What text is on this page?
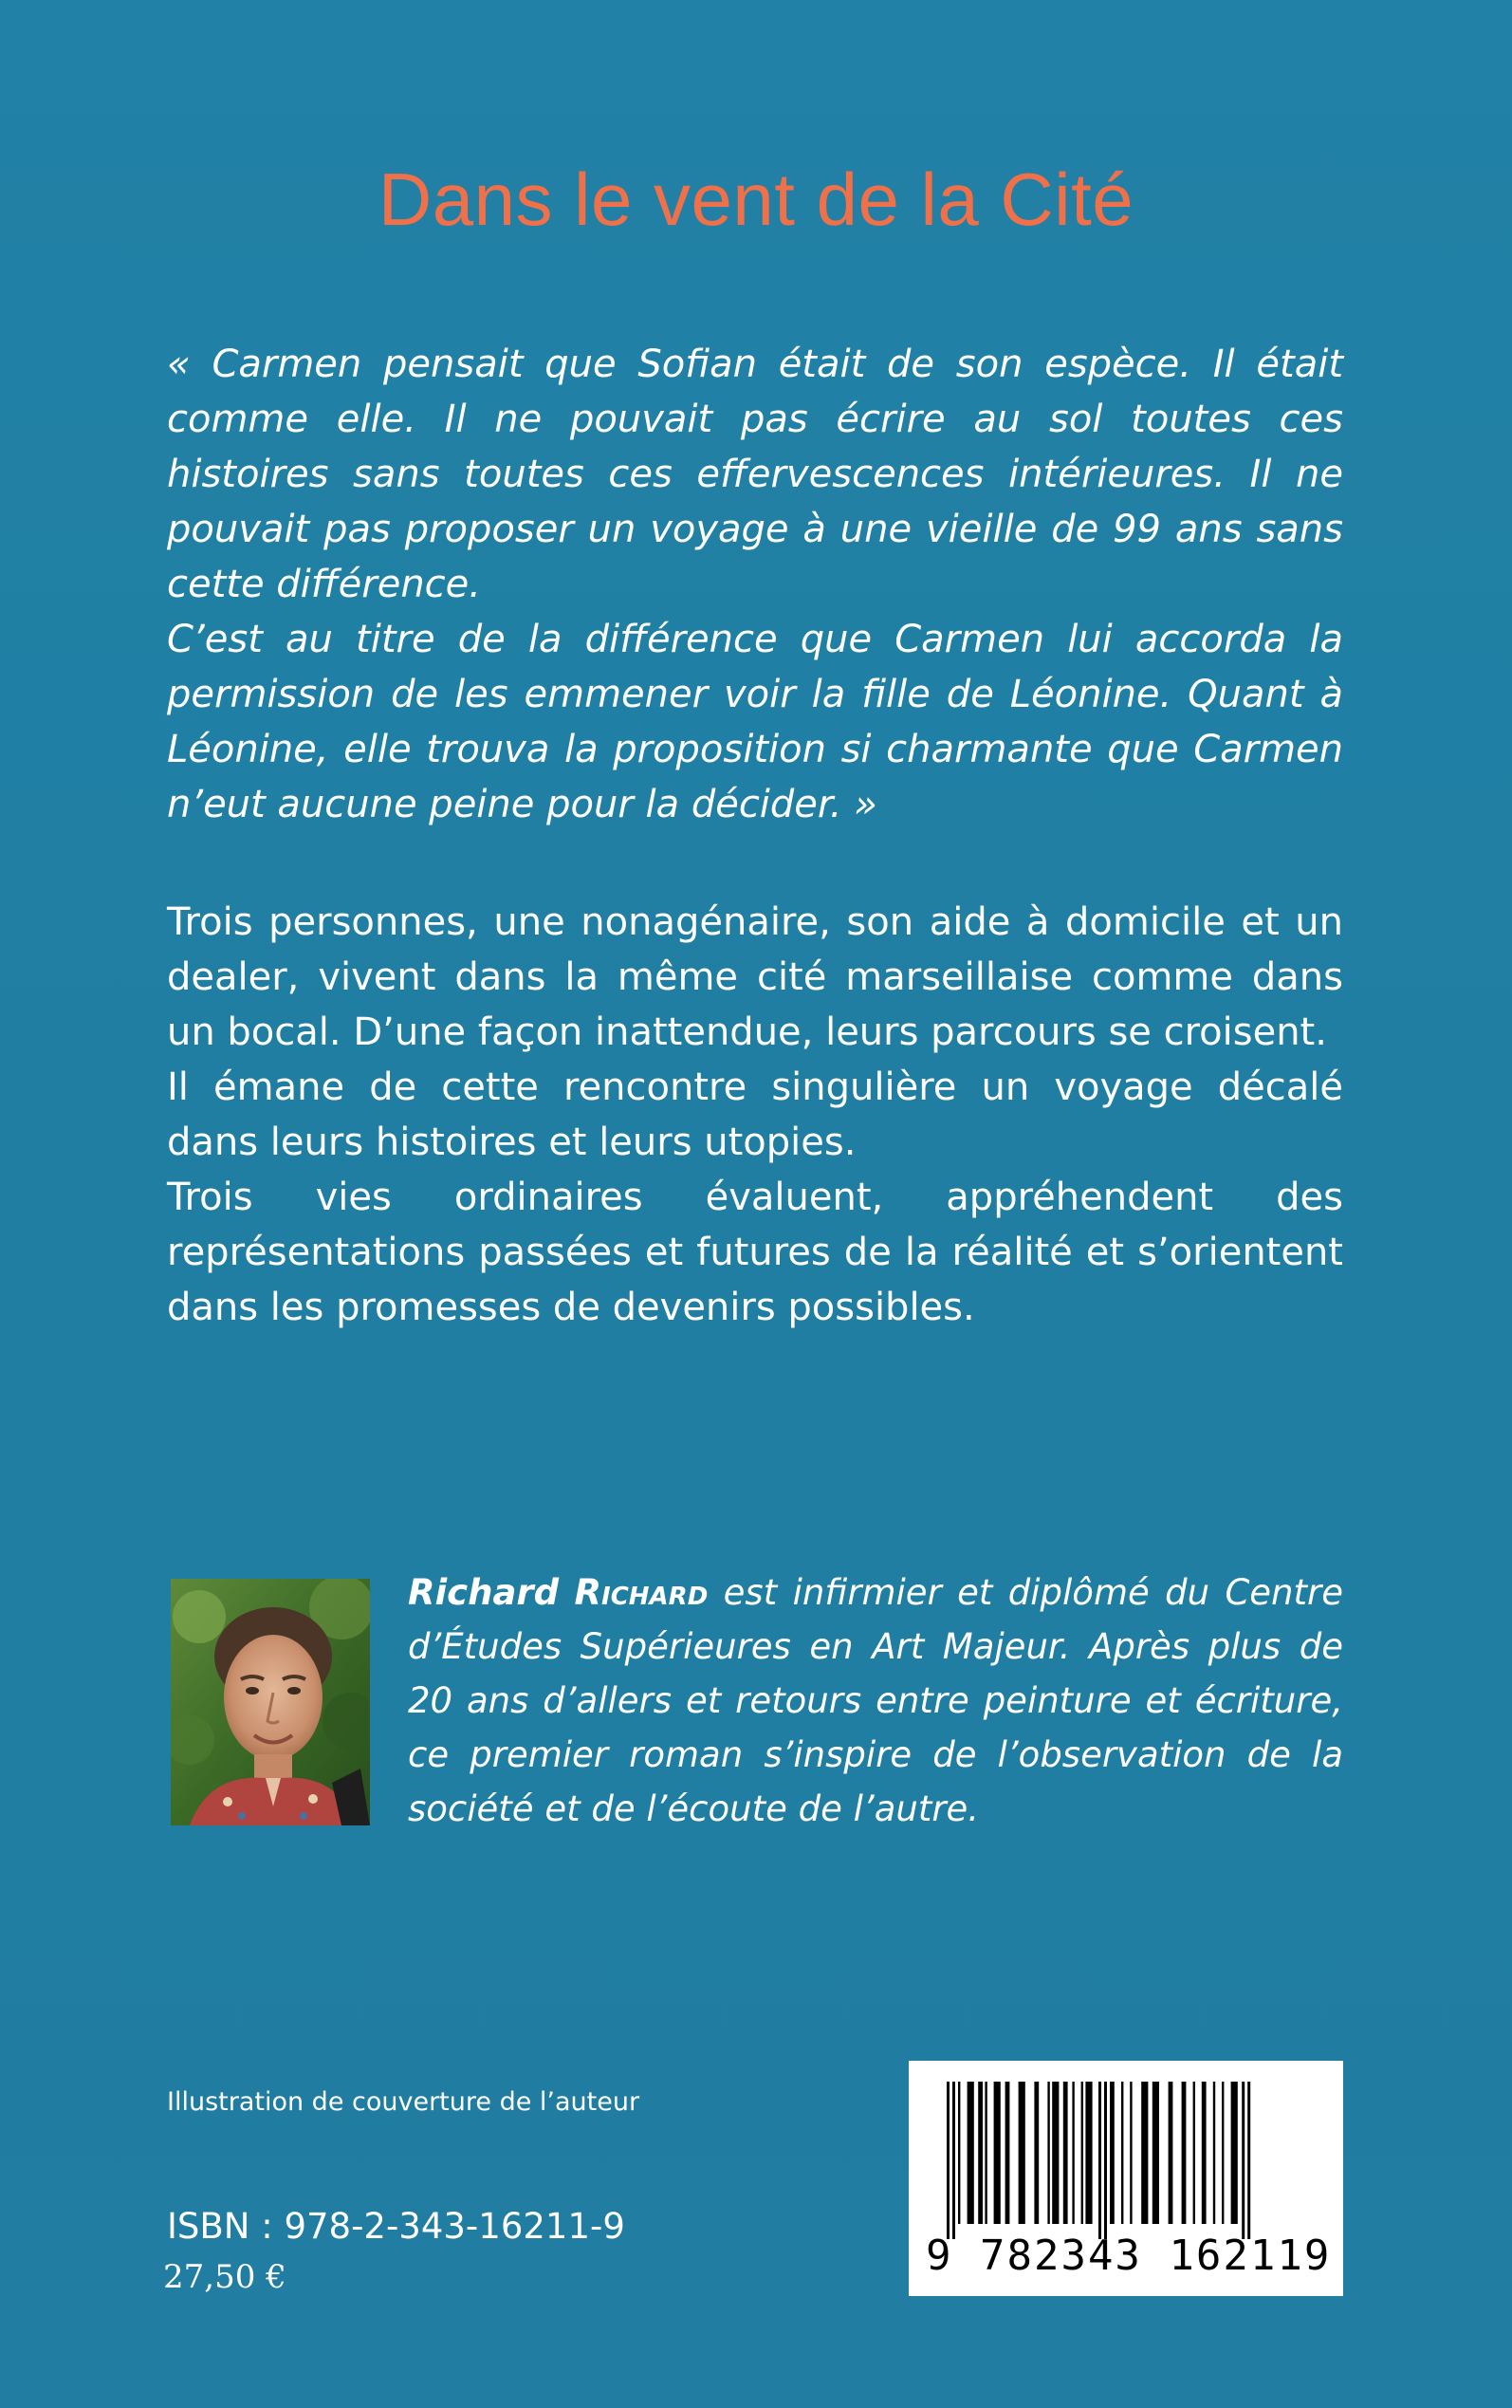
Dans le vent de la Cité

« Carmen pensait que Sofian était de son espèce. Il était comme elle. Il ne pouvait pas écrire au sol toutes ces histoires sans toutes ces effervescences intérieures. Il ne pouvait pas proposer un voyage à une vieille de 99 ans sans cette différence.

C’est au titre de la différence que Carmen lui accorda la permission de les emmener voir la fille de Léonine. Quant à Léonine, elle trouva la proposition si charmante que Carmen n’eut aucune peine pour la décider. »

Trois personnes, une nonagénaire, son aide à domicile et un dealer, vivent dans la même cité marseillaise comme dans un bocal. D’une façon inattendue, leurs parcours se croisent.

Il émane de cette rencontre singulière un voyage décalé dans leurs histoires et leurs utopies.

Trois vies ordinaires évaluent, appréhendent des représentations passées et futures de la réalité et s’orientent dans les promesses de devenirs possibles.

Richard Richard est infirmier et diplômé du Centre d’Études Supérieures en Art Majeur. Après plus de 20 ans d’allers et retours entre peinture et écriture, ce premier roman s’inspire de l’observation de la société et de l’écoute de l’autre.

Illustration de couverture de l’auteur
ISBN : 978-2-343-16211-9
27,50 €	9 782343 162119
